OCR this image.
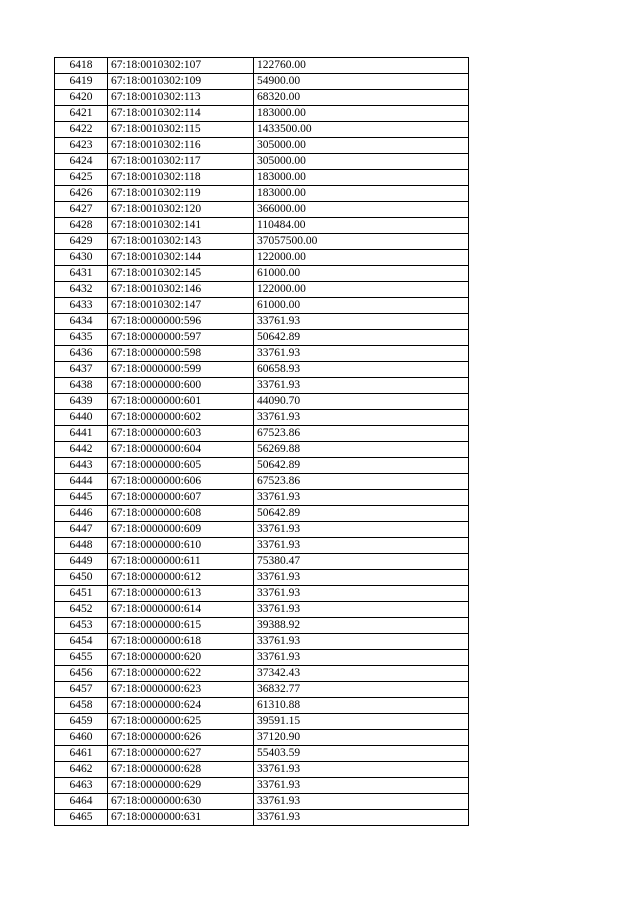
6418	67:18:0010302:107	122760.00
6419	67:18:0010302:109	54900.00
6420	67:18:0010302:113	68320.00
6421	67:18:0010302:114	183000.00
6422	67:18:0010302:115	1433500.00
6423	67:18:0010302:116	305000.00
6424	67:18:0010302:117	305000.00
6425	67:18:0010302:118	183000.00
6426	67:18:0010302:119	183000.00
6427	67:18:0010302:120	366000.00
6428	67:18:0010302:141	110484.00
6429	67:18:0010302:143	37057500.00
6430	67:18:0010302:144	122000.00
6431	67:18:0010302:145	61000.00
6432	67:18:0010302:146	122000.00
6433	67:18:0010302:147	61000.00
6434	67:18:0000000:596	33761.93
6435	67:18:0000000:597	50642.89
6436	67:18:0000000:598	33761.93
6437	67:18:0000000:599	60658.93
6438	67:18:0000000:600	33761.93
6439	67:18:0000000:601	44090.70
6440	67:18:0000000:602	33761.93
6441	67:18:0000000:603	67523.86
6442	67:18:0000000:604	56269.88
6443	67:18:0000000:605	50642.89
6444	67:18:0000000:606	67523.86
6445	67:18:0000000:607	33761.93
6446	67:18:0000000:608	50642.89
6447	67:18:0000000:609	33761.93
6448	67:18:0000000:610	33761.93
6449	67:18:0000000:611	75380.47
6450	67:18:0000000:612	33761.93
6451	67:18:0000000:613	33761.93
6452	67:18:0000000:614	33761.93
6453	67:18:0000000:615	39388.92
6454	67:18:0000000:618	33761.93
6455	67:18:0000000:620	33761.93
6456	67:18:0000000:622	37342.43
6457	67:18:0000000:623	36832.77
6458	67:18:0000000:624	61310.88
6459	67:18:0000000:625	39591.15
6460	67:18:0000000:626	37120.90
6461	67:18:0000000:627	55403.59
6462	67:18:0000000:628	33761.93
6463	67:18:0000000:629	33761.93
6464	67:18:0000000:630	33761.93
6465	67:18:0000000:631	33761.93
